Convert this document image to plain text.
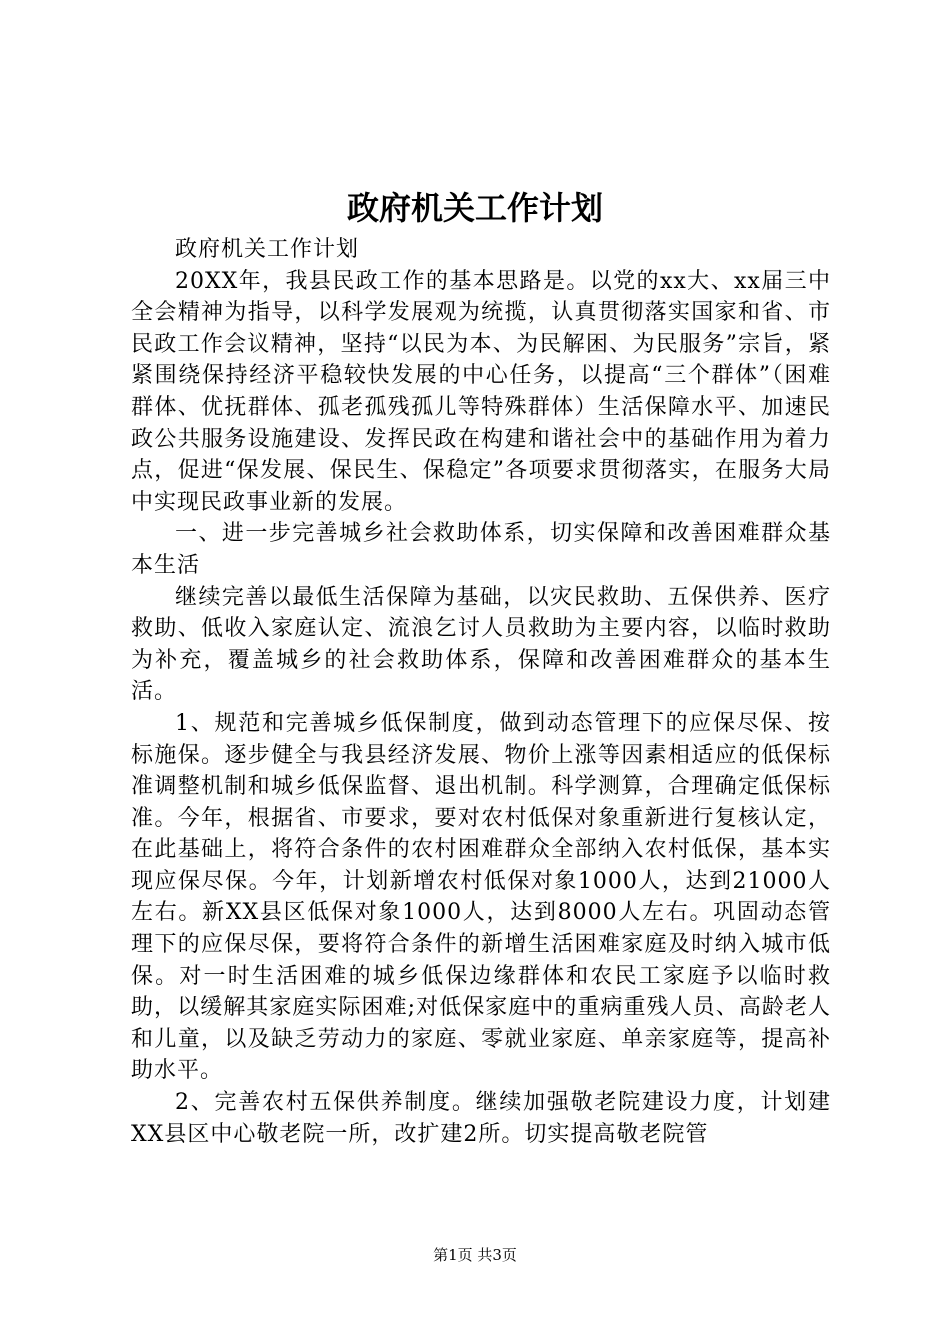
政府机关工作计划

政府机关工作计划

20XX年，我县民政工作的基本思路是。以党的xx大、xx届三中全会精神为指导，以科学发展观为统揽，认真贯彻落实国家和省、市民政工作会议精神，坚持“以民为本、为民解困、为民服务”宗旨，紧紧围绕保持经济平稳较快发展的中心任务，以提高“三个群体”（困难群体、优抚群体、孤老孤残孤儿等特殊群体）生活保障水平、加速民政公共服务设施建设、发挥民政在构建和谐社会中的基础作用为着力点，促进“保发展、保民生、保稳定”各项要求贯彻落实，在服务大局中实现民政事业新的发展。

一、进一步完善城乡社会救助体系，切实保障和改善困难群众基本生活

继续完善以最低生活保障为基础，以灾民救助、五保供养、医疗救助、低收入家庭认定、流浪乞讨人员救助为主要内容，以临时救助为补充，覆盖城乡的社会救助体系，保障和改善困难群众的基本生活。

1、规范和完善城乡低保制度，做到动态管理下的应保尽保、按标施保。逐步健全与我县经济发展、物价上涨等因素相适应的低保标准调整机制和城乡低保监督、退出机制。科学测算，合理确定低保标准。今年，根据省、市要求，要对农村低保对象重新进行复核认定，在此基础上，将符合条件的农村困难群众全部纳入农村低保，基本实现应保尽保。今年，计划新增农村低保对象1000人，达到21000人左右。新XX县区低保对象1000人，达到8000人左右。巩固动态管理下的应保尽保，要将符合条件的新增生活困难家庭及时纳入城市低保。对一时生活困难的城乡低保边缘群体和农民工家庭予以临时救助，以缓解其家庭实际困难;对低保家庭中的重病重残人员、高龄老人和儿童，以及缺乏劳动力的家庭、零就业家庭、单亲家庭等，提高补助水平。

2、完善农村五保供养制度。继续加强敬老院建设力度，计划建XX县区中心敬老院一所，改扩建2所。切实提高敬老院管

第1页 共3页
